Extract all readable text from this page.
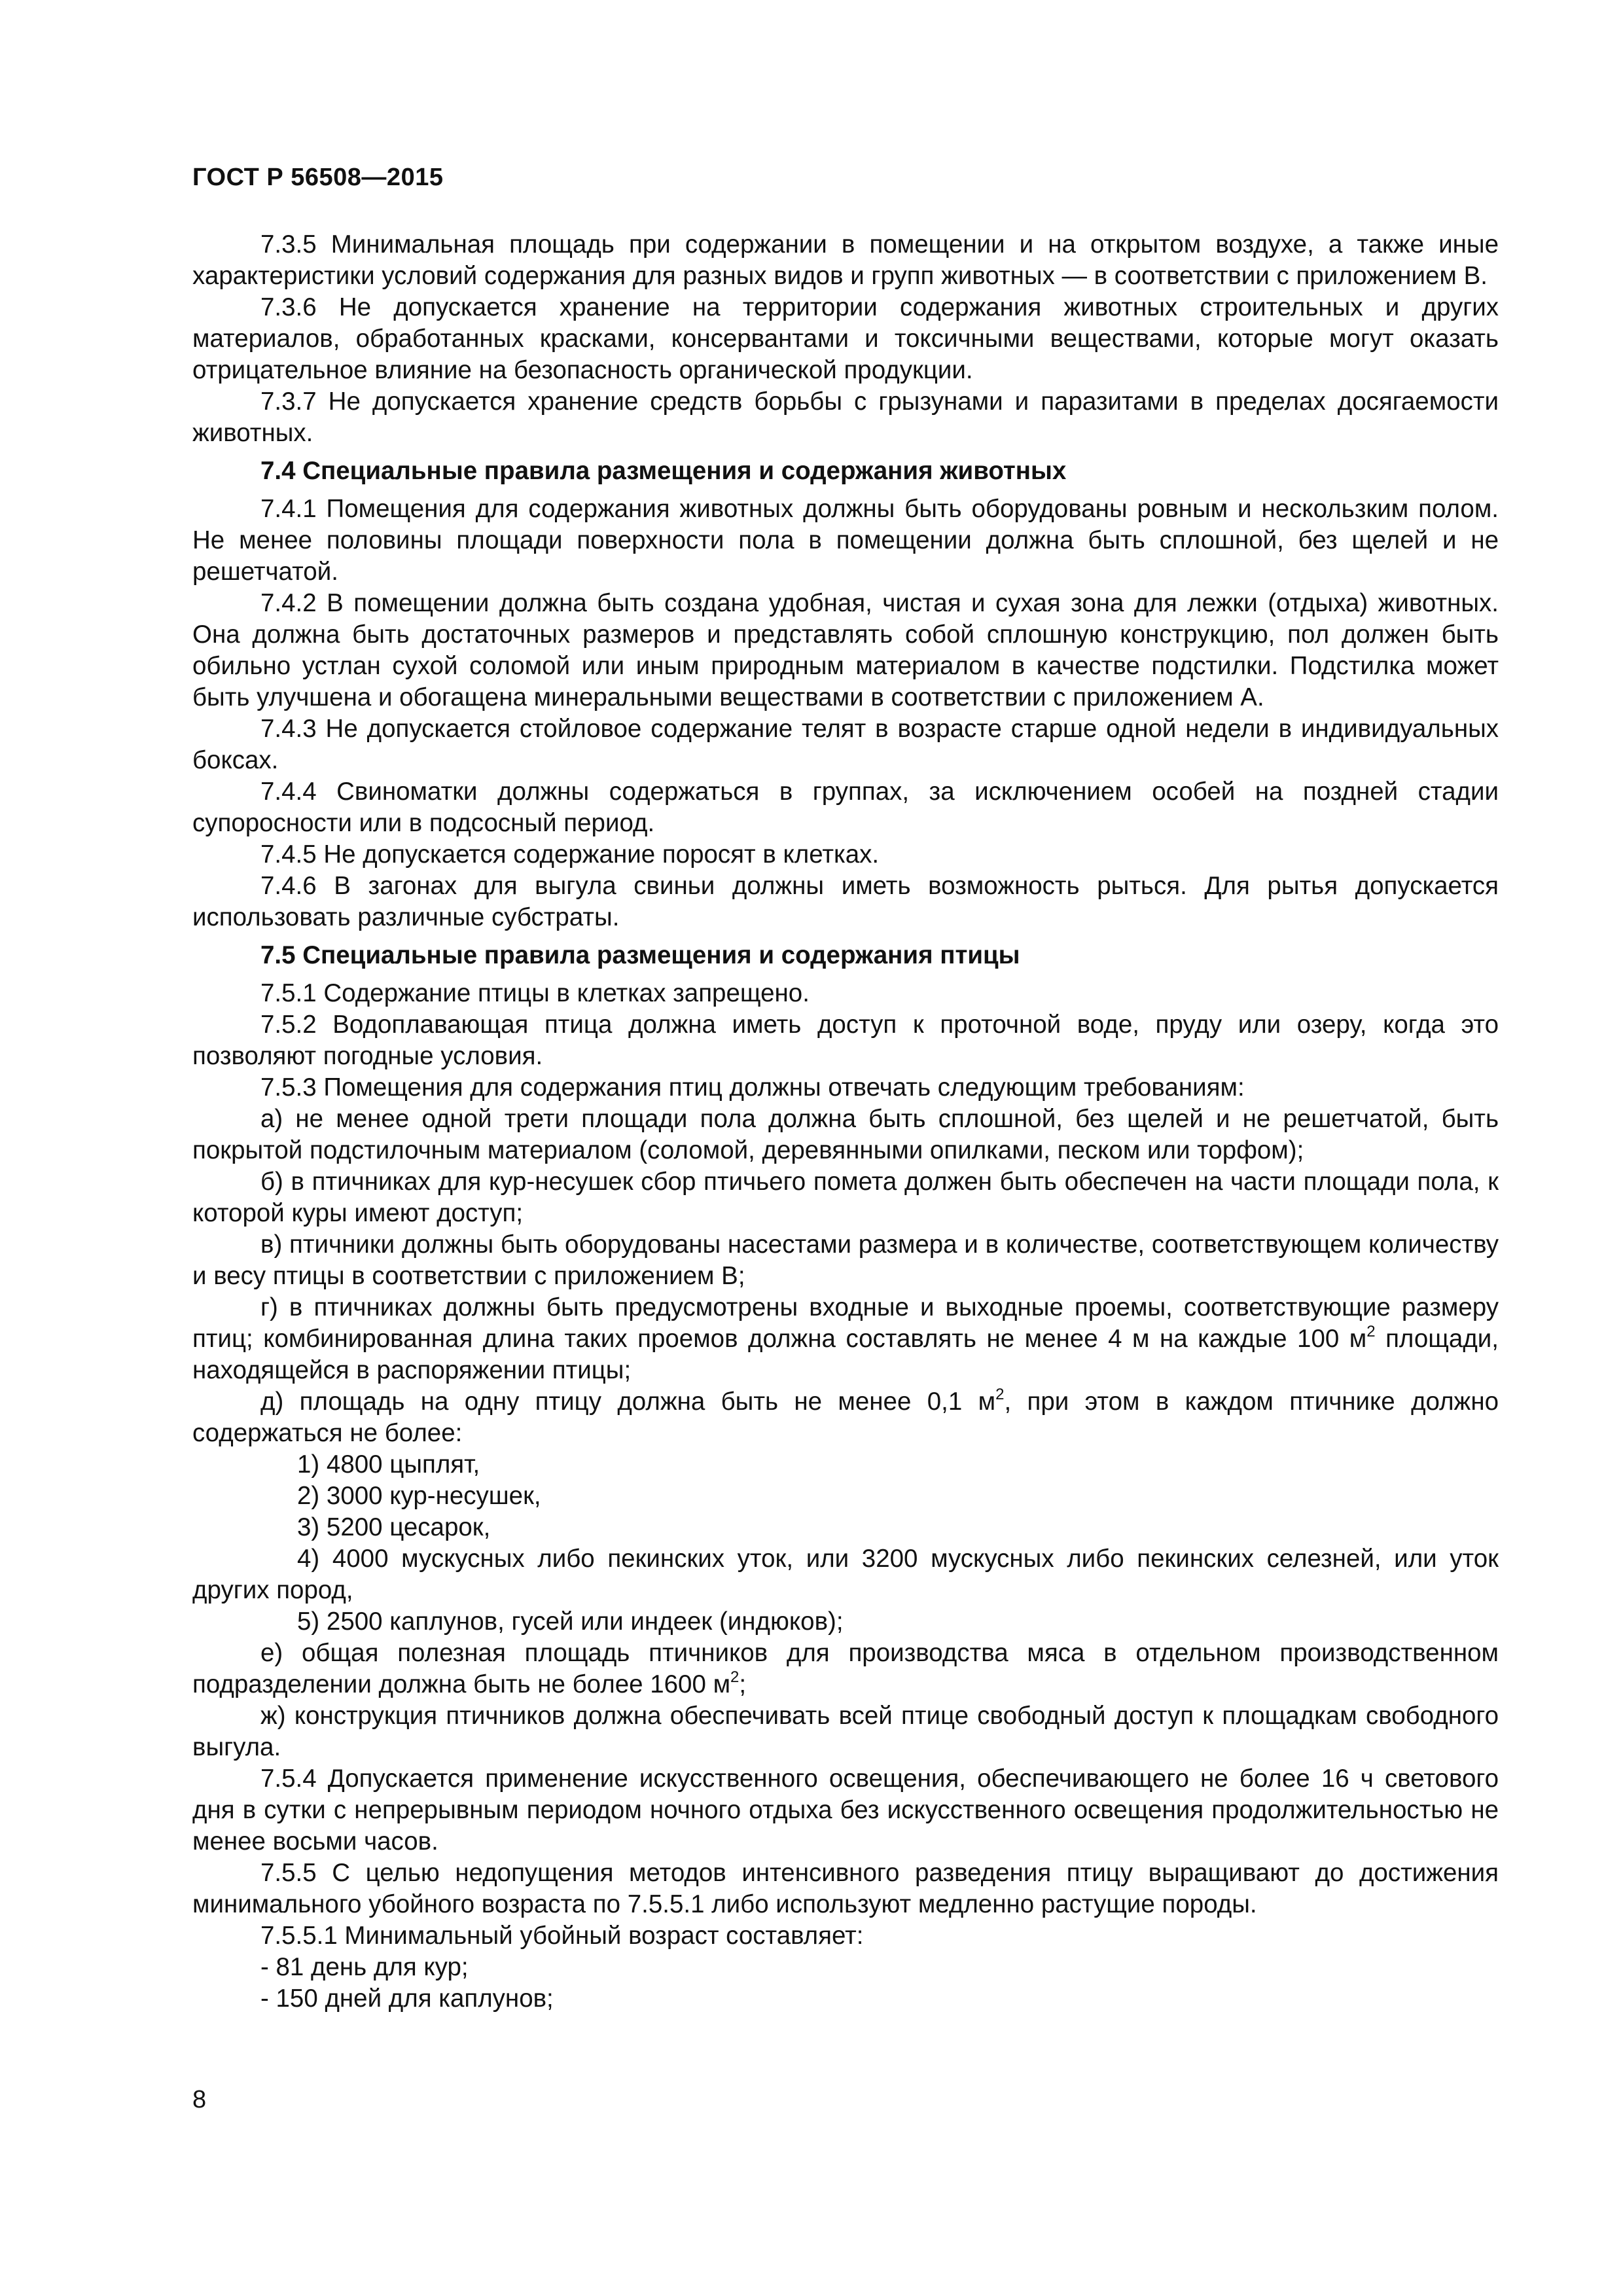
ГОСТ Р 56508—2015

7.3.5 Минимальная площадь при содержании в помещении и на открытом воздухе, а также иные характеристики условий содержания для разных видов и групп животных — в соответствии с приложением В.

7.3.6 Не допускается хранение на территории содержания животных строительных и других материалов, обработанных красками, консервантами и токсичными веществами, которые могут оказать отрицательное влияние на безопасность органической продукции.

7.3.7 Не допускается хранение средств борьбы с грызунами и паразитами в пределах досягаемости животных.

7.4 Специальные правила размещения и содержания животных

7.4.1 Помещения для содержания животных должны быть оборудованы ровным и нескользким полом. Не менее половины площади поверхности пола в помещении должна быть сплошной, без щелей и не решетчатой.

7.4.2 В помещении должна быть создана удобная, чистая и сухая зона для лежки (отдыха) животных. Она должна быть достаточных размеров и представлять собой сплошную конструкцию, пол должен быть обильно устлан сухой соломой или иным природным материалом в качестве подстилки. Подстилка может быть улучшена и обогащена минеральными веществами в соответствии с приложением А.

7.4.3 Не допускается стойловое содержание телят в возрасте старше одной недели в индивидуальных боксах.

7.4.4 Свиноматки должны содержаться в группах, за исключением особей на поздней стадии супоросности или в подсосный период.

7.4.5 Не допускается содержание поросят в клетках.

7.4.6 В загонах для выгула свиньи должны иметь возможность рыться. Для рытья допускается использовать различные субстраты.

7.5 Специальные правила размещения и содержания птицы

7.5.1 Содержание птицы в клетках запрещено.

7.5.2 Водоплавающая птица должна иметь доступ к проточной воде, пруду или озеру, когда это позволяют погодные условия.

7.5.3 Помещения для содержания птиц должны отвечать следующим требованиям:

а) не менее одной трети площади пола должна быть сплошной, без щелей и не решетчатой, быть покрытой подстилочным материалом (соломой, деревянными опилками, песком или торфом);

б) в птичниках для кур-несушек сбор птичьего помета должен быть обеспечен на части площади пола, к которой куры имеют доступ;

в) птичники должны быть оборудованы насестами размера и в количестве, соответствующем количеству и весу птицы в соответствии с приложением В;

г) в птичниках должны быть предусмотрены входные и выходные проемы, соответствующие размеру птиц; комбинированная длина таких проемов должна составлять не менее 4 м на каждые 100 $м^2$ площади, находящейся в распоряжении птицы;

д) площадь на одну птицу должна быть не менее 0,1 $м^2$, при этом в каждом птичнике должно содержаться не более:

1) 4800 цыплят,

2) 3000 кур-несушек,

3) 5200 цесарок,

4) 4000 мускусных либо пекинских уток, или 3200 мускусных либо пекинских селезней, или уток других пород,

5) 2500 каплунов, гусей или индеек (индюков);

е) общая полезная площадь птичников для производства мяса в отдельном производственном подразделении должна быть не более 1600 $м^2$;

ж) конструкция птичников должна обеспечивать всей птице свободный доступ к площадкам свободного выгула.

7.5.4 Допускается применение искусственного освещения, обеспечивающего не более 16 ч светового дня в сутки с непрерывным периодом ночного отдыха без искусственного освещения продолжительностью не менее восьми часов.

7.5.5 С целью недопущения методов интенсивного разведения птицу выращивают до достижения минимального убойного возраста по 7.5.5.1 либо используют медленно растущие породы.

7.5.5.1 Минимальный убойный возраст составляет:

- 81 день для кур;

- 150 дней для каплунов;

8
